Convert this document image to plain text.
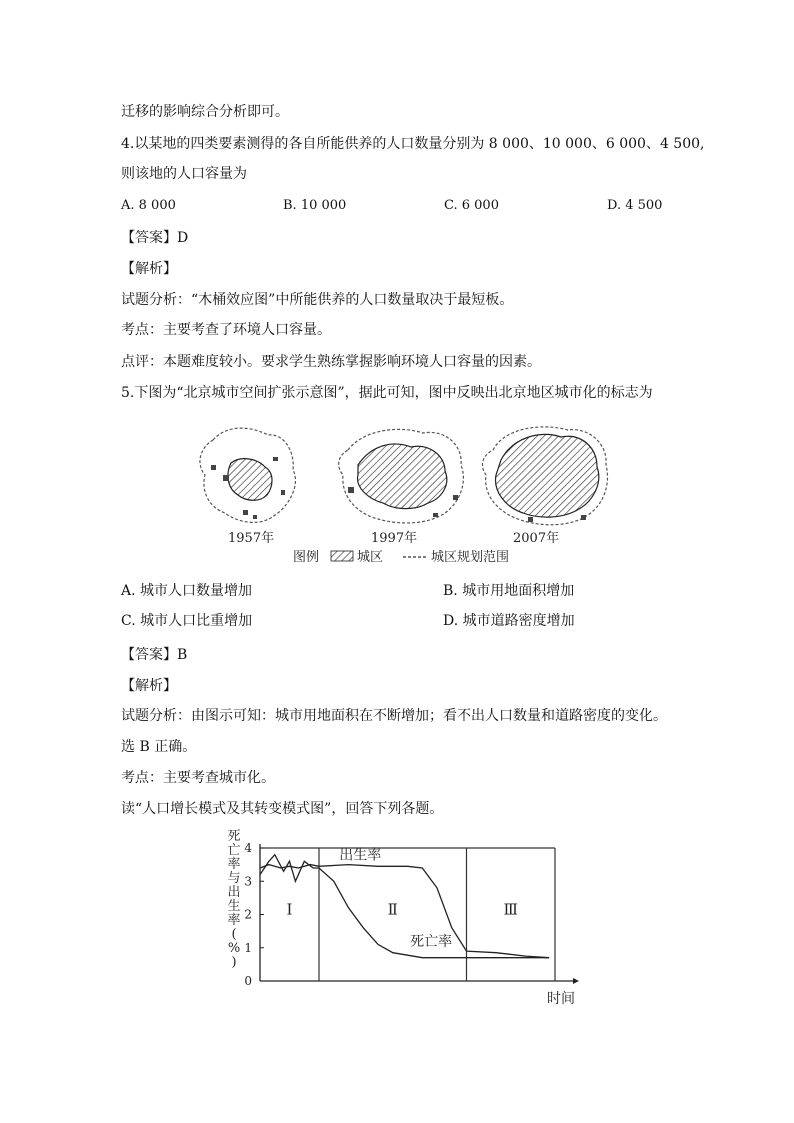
迁移的影响综合分析即可。
4.以某地的四类要素测得的各自所能供养的人口数量分别为 8 000、10 000、6 000、4 500,
则该地的人口容量为
A. 8 000	B. 10 000	C. 6 000	D. 4 500
【答案】D
【解析】
试题分析：“木桶效应图”中所能供养的人口数量取决于最短板。
考点：主要考查了环境人口容量。
点评：本题难度较小。要求学生熟练掌握影响环境人口容量的因素。
5.下图为“北京城市空间扩张示意图”，据此可知，图中反映出北京地区城市化的标志为
1957年	1997年	2007年
图例	城区	城区规划范围
A. 城市人口数量增加	B. 城市用地面积增加
C. 城市人口比重增加	D. 城市道路密度增加
【答案】B
【解析】
试题分析：由图示可知：城市用地面积在不断增加；看不出人口数量和道路密度的变化。
选 B 正确。
考点：主要考查城市化。
读“人口增长模式及其转变模式图”，回答下列各题。
0
1
2
3
4
Ⅰ	Ⅱ	Ⅲ
出生率
死亡率
死
亡
率
与
出
生
率
(
%
)
时间
